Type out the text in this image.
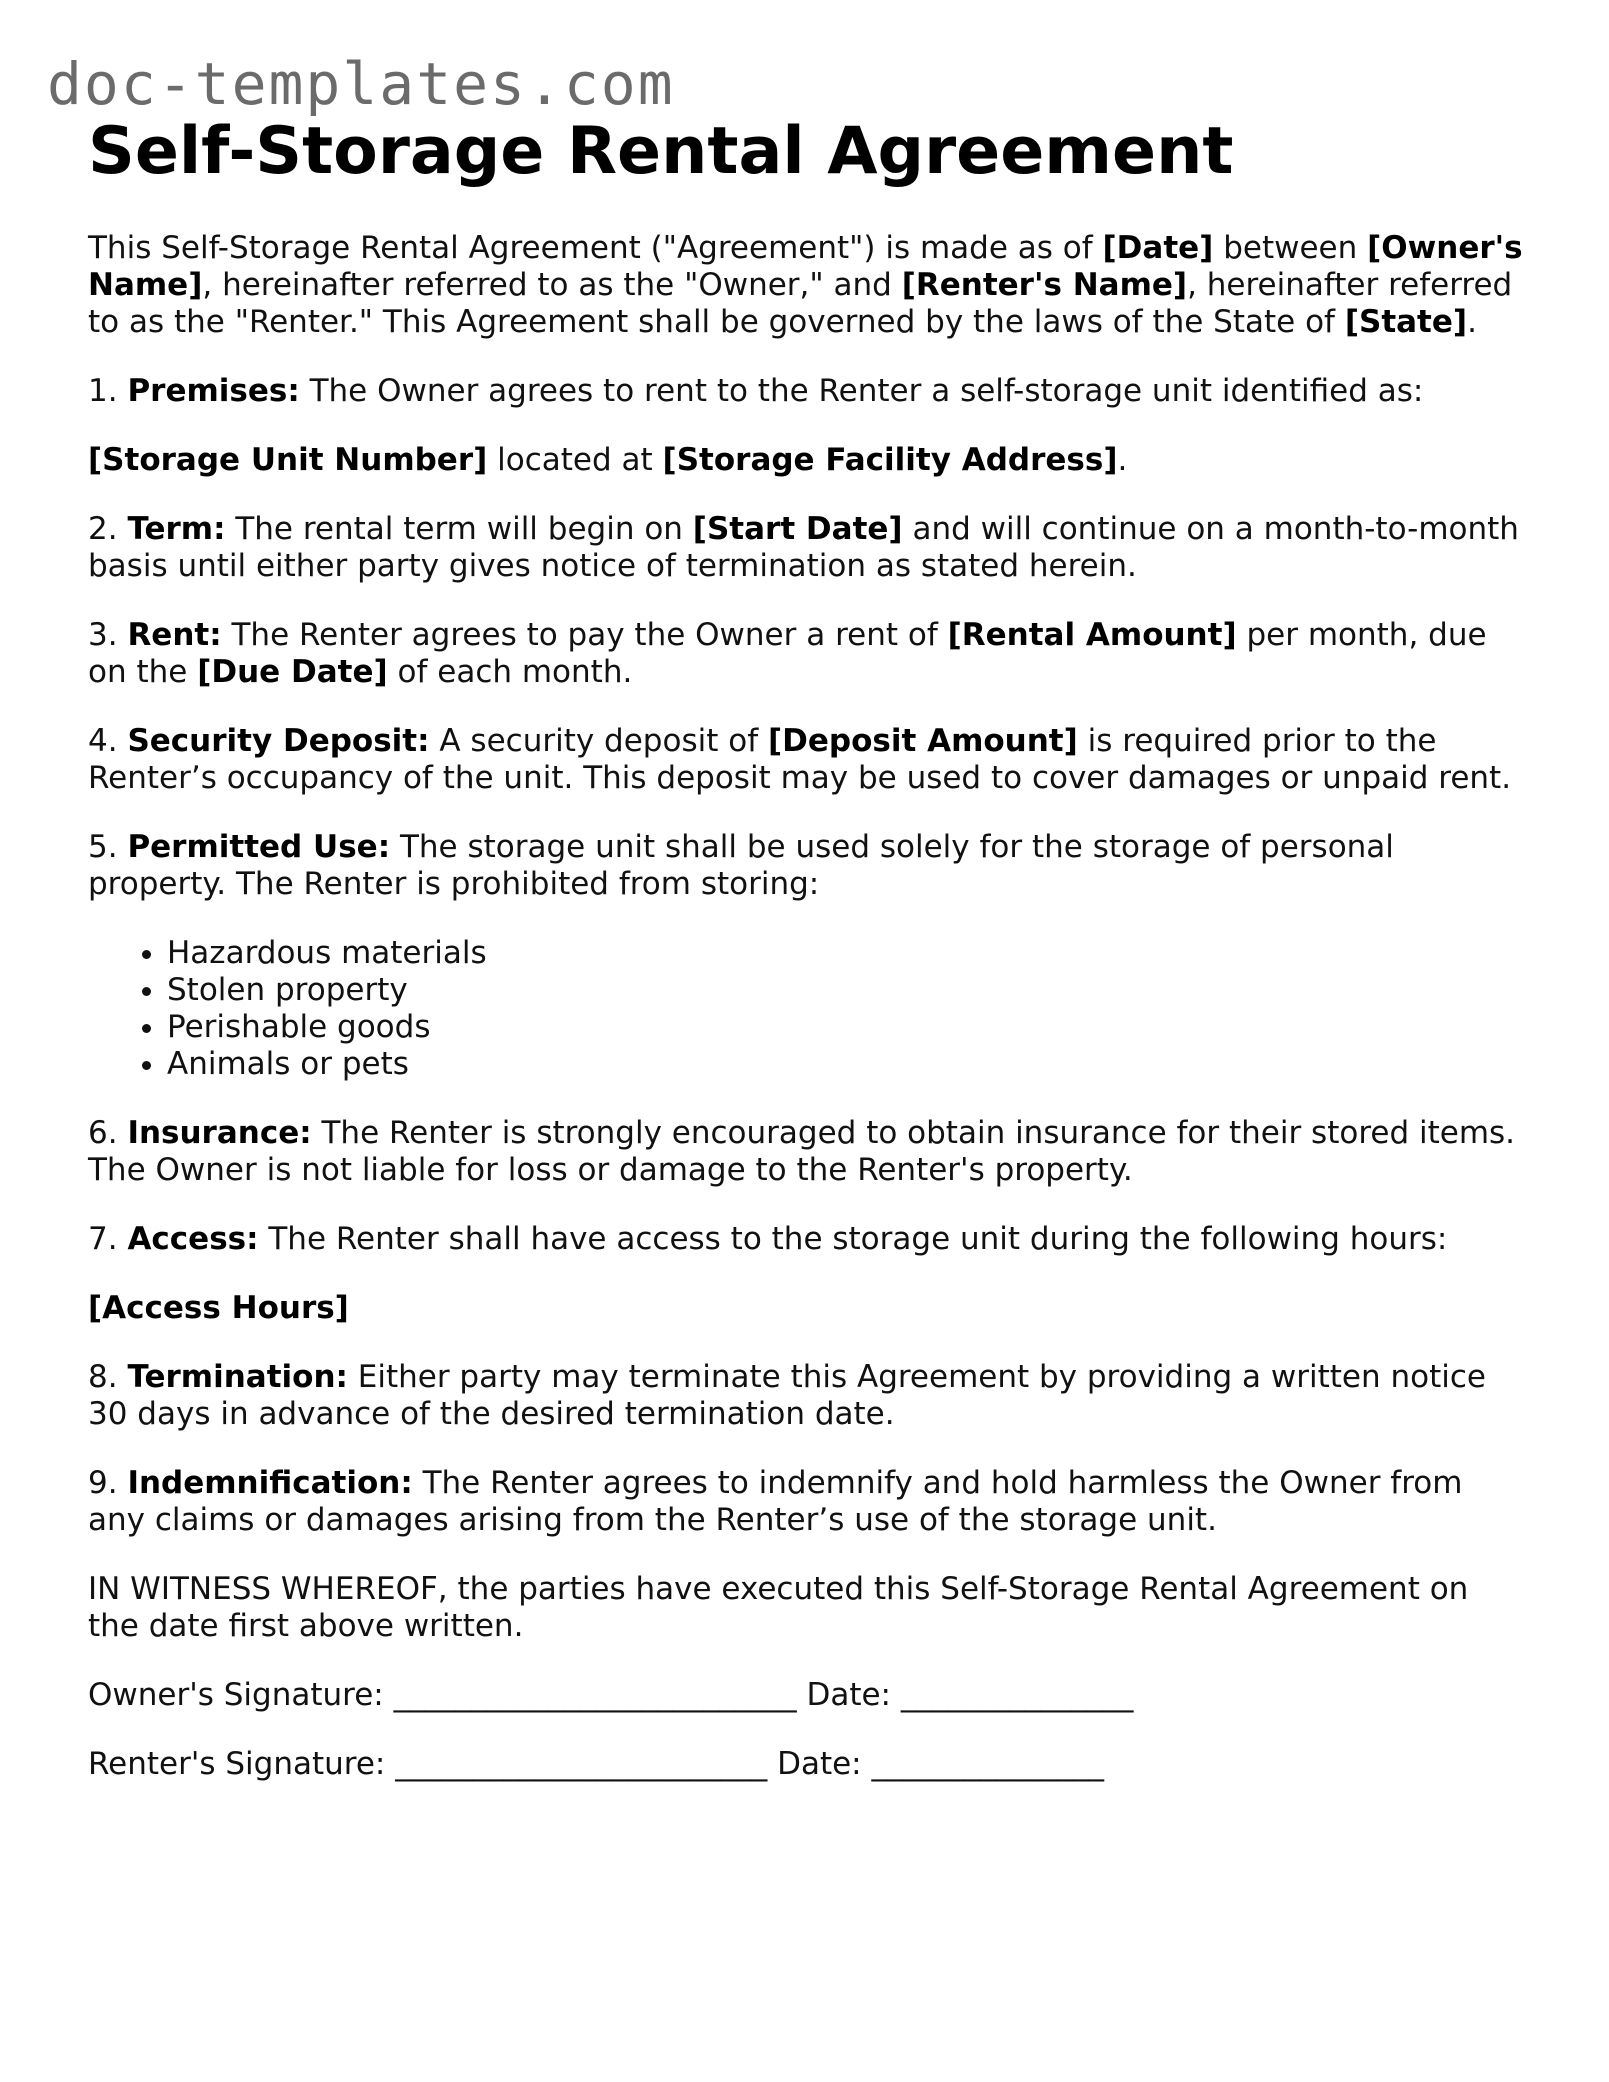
doc-templates.com
Self-Storage Rental Agreement

This Self-Storage Rental Agreement ("Agreement") is made as of [Date] between [Owner's Name], hereinafter referred to as the "Owner," and [Renter's Name], hereinafter referred to as the "Renter." This Agreement shall be governed by the laws of the State of [State].

1. Premises: The Owner agrees to rent to the Renter a self-storage unit identified as:

[Storage Unit Number] located at [Storage Facility Address].

2. Term: The rental term will begin on [Start Date] and will continue on a month-to-month basis until either party gives notice of termination as stated herein.

3. Rent: The Renter agrees to pay the Owner a rent of [Rental Amount] per month, due on the [Due Date] of each month.

4. Security Deposit: A security deposit of [Deposit Amount] is required prior to the Renter’s occupancy of the unit. This deposit may be used to cover damages or unpaid rent.

5. Permitted Use: The storage unit shall be used solely for the storage of personal property. The Renter is prohibited from storing:

• Hazardous materials
• Stolen property
• Perishable goods
• Animals or pets

6. Insurance: The Renter is strongly encouraged to obtain insurance for their stored items. The Owner is not liable for loss or damage to the Renter's property.

7. Access: The Renter shall have access to the storage unit during the following hours:

[Access Hours]

8. Termination: Either party may terminate this Agreement by providing a written notice 30 days in advance of the desired termination date.

9. Indemnification: The Renter agrees to indemnify and hold harmless the Owner from any claims or damages arising from the Renter’s use of the storage unit.

IN WITNESS WHEREOF, the parties have executed this Self-Storage Rental Agreement on the date first above written.

Owner's Signature: __________________________ Date: _______________

Renter's Signature: ________________________ Date: _______________
